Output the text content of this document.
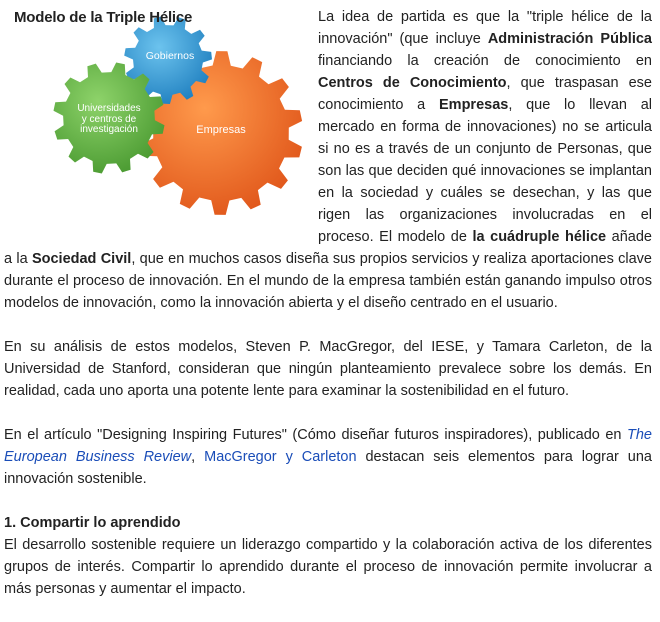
La idea de partida es que la "triple hélice de la innovación" (que incluye Administración Pública financiando la creación de conocimiento en Centros de Conocimiento, que traspasan ese conocimiento a Empresas, que lo llevan al mercado en forma de innovaciones) no se articula si no es a través de un conjunto de Personas, que son las que deciden qué innovaciones se implantan en la sociedad y cuáles se desechan, y las que rigen las organizaciones involucradas en el proceso. El modelo de la cuádruple hélice añade a la Sociedad Civil, que en muchos casos diseña sus propios servicios y realiza aportaciones clave durante el proceso de innovación. En el mundo de la empresa también están ganando impulso otros modelos de innovación, como la innovación abierta y el diseño centrado en el usuario.

En su análisis de estos modelos, Steven P. MacGregor, del IESE, y Tamara Carleton, de la Universidad de Stanford, consideran que ningún planteamiento prevalece sobre los demás. En realidad, cada uno aporta una potente lente para examinar la sostenibilidad en el futuro.

En el artículo "Designing Inspiring Futures" (Cómo diseñar futuros inspiradores), publicado en The European Business Review, MacGregor y Carleton destacan seis elementos para lograr una innovación sostenible.

1. Compartir lo aprendido

El desarrollo sostenible requiere un liderazgo compartido y la colaboración activa de los diferentes grupos de interés. Compartir lo aprendido durante el proceso de innovación permite involucrar a más personas y aumentar el impacto.

Modelo de la Triple Hélice
Gobiernos
Universidades
y centros de
investigación	Empresas
